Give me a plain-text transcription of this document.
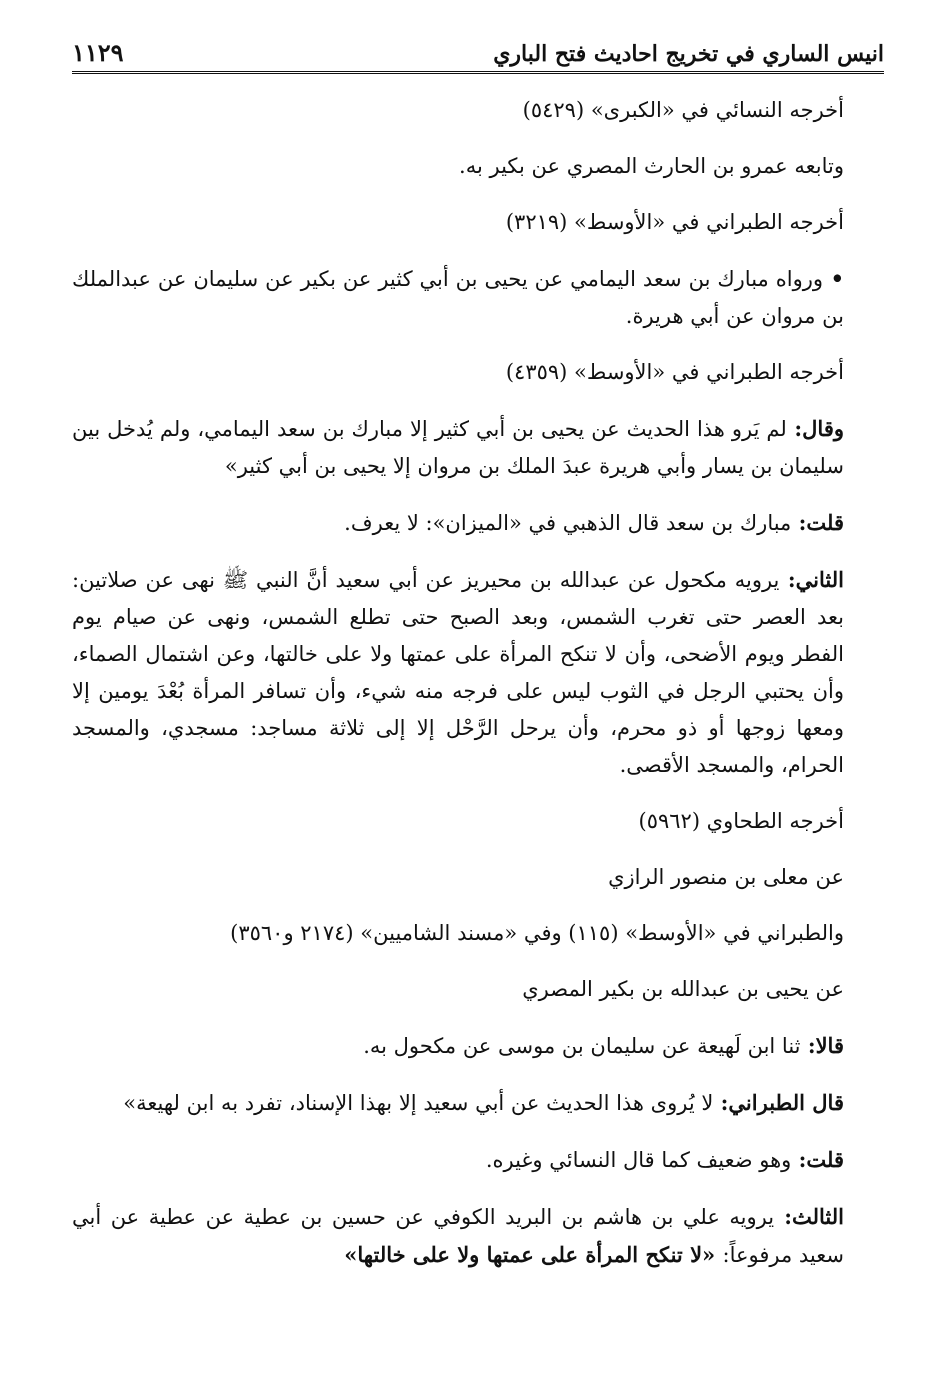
انيس الساري في تخريج احاديث فتح الباري
١١٢٩

أخرجه النسائي في «الكبرى» (٥٤٢٩)

وتابعه عمرو بن الحارث المصري عن بكير به.

أخرجه الطبراني في «الأوسط» (٣٢١٩)

• ورواه مبارك بن سعد اليمامي عن يحيى بن أبي كثير عن بكير عن سليمان عن عبدالملك بن مروان عن أبي هريرة.

أخرجه الطبراني في «الأوسط» (٤٣٥٩)

وقال: لم يَرو هذا الحديث عن يحيى بن أبي كثير إلا مبارك بن سعد اليمامي، ولم يُدخل بين سليمان بن يسار وأبي هريرة عبدَ الملك بن مروان إلا يحيى بن أبي كثير»

قلت: مبارك بن سعد قال الذهبي في «الميزان»: لا يعرف.

الثاني: يرويه مكحول عن عبدالله بن محيريز عن أبي سعيد أنَّ النبي ﷺ نهى عن صلاتين: بعد العصر حتى تغرب الشمس، وبعد الصبح حتى تطلع الشمس، ونهى عن صيام يوم الفطر ويوم الأضحى، وأن لا تنكح المرأة على عمتها ولا على خالتها، وعن اشتمال الصماء، وأن يحتبي الرجل في الثوب ليس على فرجه منه شيء، وأن تسافر المرأة بُعْدَ يومين إلا ومعها زوجها أو ذو محرم، وأن يرحل الرَّحْل إلا إلى ثلاثة مساجد: مسجدي، والمسجد الحرام، والمسجد الأقصى.

أخرجه الطحاوي (٥٩٦٢)

عن معلى بن منصور الرازي

والطبراني في «الأوسط» (١١٥) وفي «مسند الشاميين» (٢١٧٤ و٣٥٦٠)

عن يحيى بن عبدالله بن بكير المصري

قالا: ثنا ابن لَهيعة عن سليمان بن موسى عن مكحول به.

قال الطبراني: لا يُروى هذا الحديث عن أبي سعيد إلا بهذا الإسناد، تفرد به ابن لهيعة»

قلت: وهو ضعيف كما قال النسائي وغيره.

الثالث: يرويه علي بن هاشم بن البريد الكوفي عن حسين بن عطية عن عطية عن أبي سعيد مرفوعاً: «لا تنكح المرأة على عمتها ولا على خالتها»
